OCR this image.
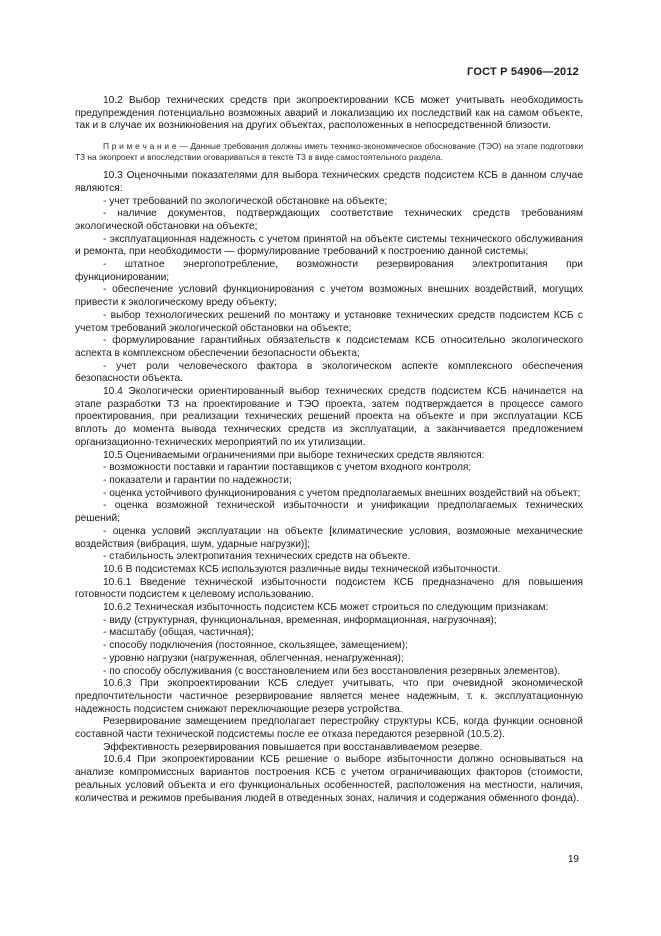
ГОСТ Р 54906—2012

10.2 Выбор технических средств при экопроектировании КСБ может учитывать необходимость предупреждения потенциально возможных аварий и локализацию их последствий как на самом объекте, так и в случае их возникновения на других объектах, расположенных в непосредственной близости.

П р и м е ч а н и е — Данные требования должны иметь технико-экономическое обоснование (ТЭО) на этапе подготовки ТЗ на экопроект и впоследствии оговариваться в тексте ТЗ в виде самостоятельного раздела.

10.3 Оценочными показателями для выбора технических средств подсистем КСБ в данном случае являются:

- учет требований по экологической обстановке на объекте;

- наличие документов, подтверждающих соответствие технических средств требованиям экологической обстановки на объекте;

- эксплуатационная надежность с учетом принятой на объекте системы технического обслуживания и ремонта, при необходимости — формулирование требований к построению данной системы;

- штатное энергопотребление, возможности резервирования электропитания при функционировании;

- обеспечение условий функционирования с учетом возможных внешних воздействий, могущих привести к экологическому вреду объекту;

- выбор технологических решений по монтажу и установке технических средств подсистем КСБ с учетом требований экологической обстановки на объекте;

- формулирование гарантийных обязательств к подсистемам КСБ относительно экологического аспекта в комплексном обеспечении безопасности объекта;

- учет роли человеческого фактора в экологическом аспекте комплексного обеспечения безопасности объекта.

10.4 Экологически ориентированный выбор технических средств подсистем КСБ начинается на этапе разработки ТЗ на проектирование и ТЭО проекта, затем подтверждается в процессе самого проектирования, при реализации технических решений проекта на объекте и при эксплуатации КСБ вплоть до момента вывода технических средств из эксплуатации, а заканчивается предложением организационно-технических мероприятий по их утилизации.

10.5 Оцениваемыми ограничениями при выборе технических средств являются:

- возможности поставки и гарантии поставщиков с учетом входного контроля;

- показатели и гарантии по надежности;

- оценка устойчивого функционирования с учетом предполагаемых внешних воздействий на объект;

- оценка возможной технической избыточности и унификации предполагаемых технических решений;

- оценка условий эксплуатации на объекте [климатические условия, возможные механические воздействия (вибрация, шум, ударные нагрузки)];

- стабильность электропитания технических средств на объекте.

10.6 В подсистемах КСБ используются различные виды технической избыточности.

10.6.1 Введение технической избыточности подсистем КСБ предназначено для повышения готовности подсистем к целевому использованию.

10.6.2 Техническая избыточность подсистем КСБ может строиться по следующим признакам:

- виду (структурная, функциональная, временная, информационная, нагрузочная);

- масштабу (общая, частичная);

- способу подключения (постоянное, скользящее, замещением);

- уровню нагрузки (нагруженная, облегченная, ненагруженная);

- по способу обслуживания (с восстановлением или без восстановления резервных элементов).

10.6.3 При экопроектировании КСБ следует учитывать, что при очевидной экономической предпочтительности частичное резервирование является менее надежным, т. к. эксплуатационную надежность подсистем снижают переключающие резерв устройства.

Резервирование замещением предполагает перестройку структуры КСБ, когда функции основной составной части технической подсистемы после ее отказа передаются резервной (10.5.2).

Эффективность резервирования повышается при восстанавливаемом резерве.

10.6.4 При экопроектировании КСБ решение о выборе избыточности должно основываться на анализе компромиссных вариантов построения КСБ с учетом ограничивающих факторов (стоимости, реальных условий объекта и его функциональных особенностей, расположения на местности, наличия, количества и режимов пребывания людей в отведенных зонах, наличия и содержания обменного фонда).

19
